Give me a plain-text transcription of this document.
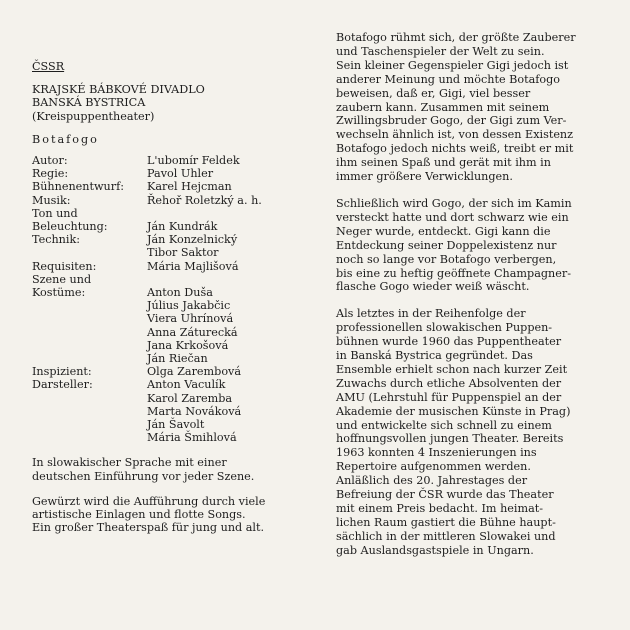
ČSSR
KRAJSKÉ BÁBKOVÉ DIVADLO
BANSKÁ BYSTRICA
(Kreispuppentheater)
Botafogo
Autor:	L'ubomír Feldek
Regie:	Pavol Uhler
Bühnenentwurf:	Karel Hejcman
Musik:	Řehoř Roletzký a. h.
Ton und
Beleuchtung:	Ján Kundrák
Technik:	Ján Konzelnický
Tibor Saktor
Requisiten:	Mária Majlišová
Szene und
Kostüme:	Anton Duša
Július Jakabčic
Viera Uhrínová
Anna Záturecká
Jana Krkošová
Ján Riečan
Inspizient:	Olga Zarembová
Darsteller:	Anton Vaculík
Karol Zaremba
Marta Nováková
Ján Šavolt
Mária Šmihlová
In slowakischer Sprache mit einer
deutschen Einführung vor jeder Szene.
Gewürzt wird die Aufführung durch viele
artistische Einlagen und flotte Songs.
Ein großer Theaterspaß für jung und alt.
Botafogo rühmt sich, der größte Zauberer
und Taschenspieler der Welt zu sein.
Sein kleiner Gegenspieler Gigi jedoch ist
anderer Meinung und möchte Botafogo
beweisen, daß er, Gigi, viel besser
zaubern kann. Zusammen mit seinem
Zwillingsbruder Gogo, der Gigi zum Ver-
wechseln ähnlich ist, von dessen Existenz
Botafogo jedoch nichts weiß, treibt er mit
ihm seinen Spaß und gerät mit ihm in
immer größere Verwicklungen.
Schließlich wird Gogo, der sich im Kamin
versteckt hatte und dort schwarz wie ein
Neger wurde, entdeckt. Gigi kann die
Entdeckung seiner Doppelexistenz nur
noch so lange vor Botafogo verbergen,
bis eine zu heftig geöffnete Champagner-
flasche Gogo wieder weiß wäscht.
Als letztes in der Reihenfolge der
professionellen slowakischen Puppen-
bühnen wurde 1960 das Puppentheater
in Banská Bystrica gegründet. Das
Ensemble erhielt schon nach kurzer Zeit
Zuwachs durch etliche Absolventen der
AMU (Lehrstuhl für Puppenspiel an der
Akademie der musischen Künste in Prag)
und entwickelte sich schnell zu einem
hoffnungsvollen jungen Theater. Bereits
1963 konnten 4 Inszenierungen ins
Repertoire aufgenommen werden.
Anläßlich des 20. Jahrestages der
Befreiung der ČSR wurde das Theater
mit einem Preis bedacht. Im heimat-
lichen Raum gastiert die Bühne haupt-
sächlich in der mittleren Slowakei und
gab Auslandsgastspiele in Ungarn.
